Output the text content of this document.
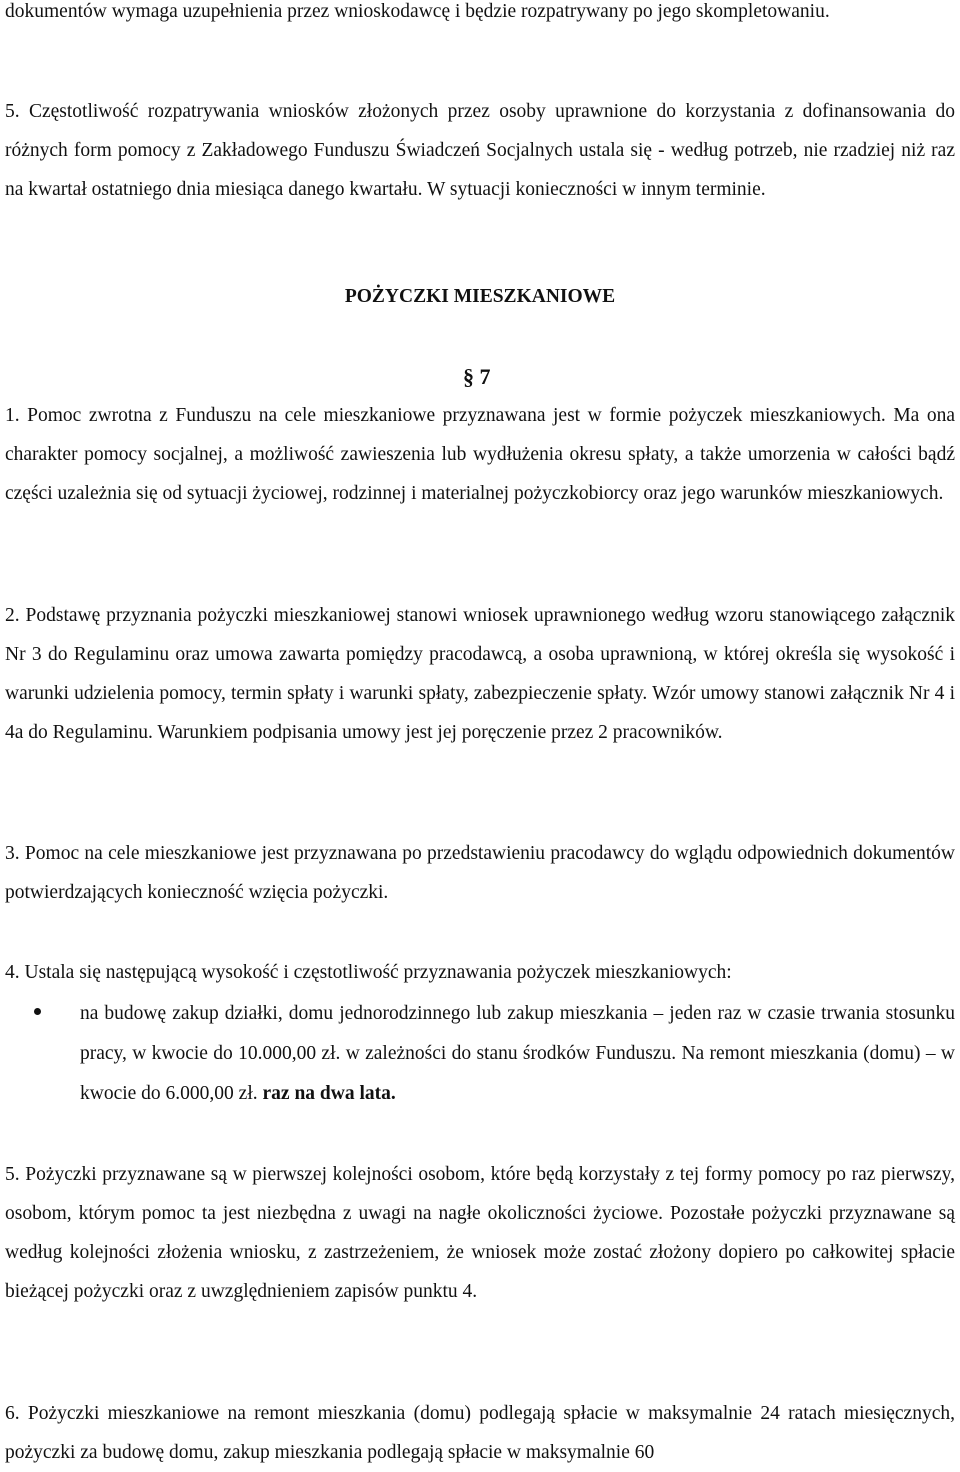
dokumentów wymaga uzupełnienia przez wnioskodawcę i będzie rozpatrywany po jego skompletowaniu.
5. Częstotliwość rozpatrywania wniosków złożonych przez osoby uprawnione do korzystania z dofinansowania do różnych form pomocy z Zakładowego Funduszu Świadczeń Socjalnych ustala się - według potrzeb, nie rzadziej niż raz na kwartał ostatniego dnia miesiąca danego kwartału. W sytuacji konieczności w innym terminie.
POŻYCZKI MIESZKANIOWE
§ 7
1. Pomoc zwrotna z Funduszu na cele mieszkaniowe przyznawana jest w formie pożyczek mieszkaniowych. Ma ona charakter pomocy socjalnej, a możliwość zawieszenia lub wydłużenia okresu spłaty, a także umorzenia w całości bądź części uzależnia się od sytuacji życiowej, rodzinnej i materialnej pożyczkobiorcy oraz jego warunków mieszkaniowych.
2. Podstawę przyznania pożyczki mieszkaniowej stanowi wniosek uprawnionego według wzoru stanowiącego załącznik Nr 3 do Regulaminu oraz umowa zawarta pomiędzy pracodawcą, a osoba uprawnioną, w której określa się wysokość i warunki udzielenia pomocy, termin spłaty i warunki spłaty, zabezpieczenie spłaty. Wzór umowy stanowi załącznik Nr 4 i 4a do Regulaminu. Warunkiem podpisania umowy jest jej poręczenie przez 2 pracowników.
3. Pomoc na cele mieszkaniowe jest przyznawana po przedstawieniu pracodawcy do wglądu odpowiednich dokumentów potwierdzających konieczność wzięcia pożyczki.
4. Ustala się następującą wysokość i częstotliwość przyznawania pożyczek mieszkaniowych:
na budowę zakup działki, domu jednorodzinnego lub zakup mieszkania – jeden raz w czasie trwania stosunku pracy, w kwocie do 10.000,00 zł. w zależności do stanu środków Funduszu. Na remont mieszkania (domu) – w kwocie do 6.000,00 zł. raz na dwa lata.
5. Pożyczki przyznawane są w pierwszej kolejności osobom, które będą korzystały z tej formy pomocy po raz pierwszy, osobom, którym pomoc ta jest niezbędna z uwagi na nagłe okoliczności życiowe. Pozostałe pożyczki przyznawane są według kolejności złożenia wniosku, z zastrzeżeniem, że wniosek może zostać złożony dopiero po całkowitej spłacie bieżącej pożyczki oraz z uwzględnieniem zapisów punktu 4.
6. Pożyczki mieszkaniowe na remont mieszkania (domu) podlegają spłacie w maksymalnie 24 ratach miesięcznych, pożyczki za budowę domu, zakup mieszkania podlegają spłacie w maksymalnie 60
